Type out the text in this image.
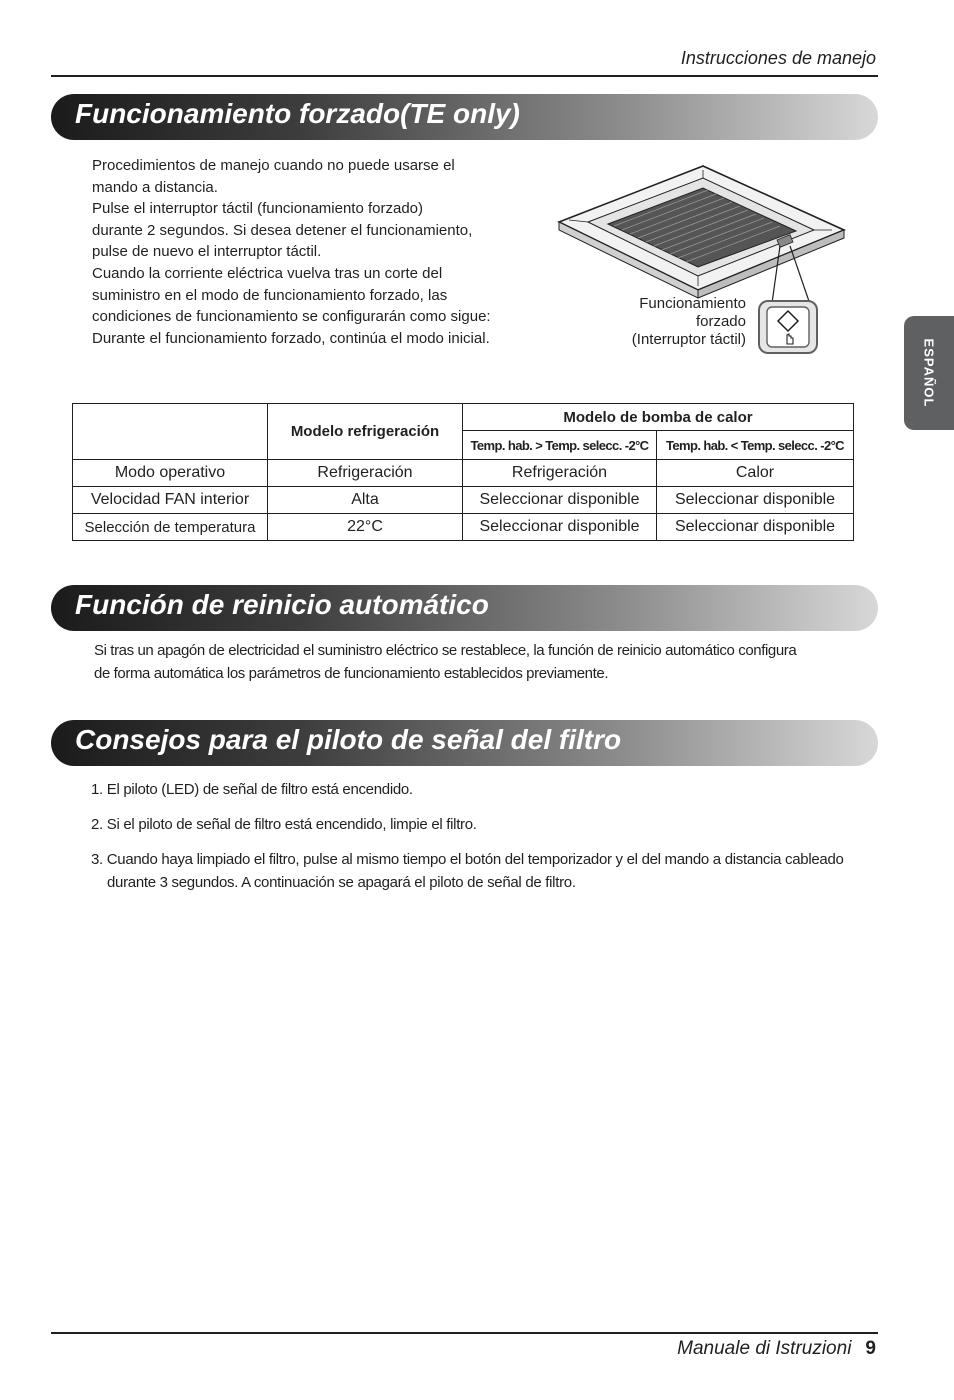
Instrucciones de manejo
ESPAÑOL
Funcionamiento forzado(TE only)

Procedimientos de manejo cuando no puede usarse el

mando a distancia.

Pulse el interruptor táctil (funcionamiento forzado)

durante 2 segundos. Si desea detener el funcionamiento,

pulse de nuevo el interruptor táctil.

Cuando la corriente eléctrica vuelva tras un corte del

suministro en el modo de funcionamiento forzado, las

condiciones de funcionamiento se configurarán como sigue:

Durante el funcionamiento forzado, continúa el modo inicial.

Funcionamiento
forzado
(Interruptor táctil)
	Modelo refrigeración	Modelo de bomba de calor	
		Temp. hab. > Temp. selecc. -2°C	Temp. hab. < Temp. selecc. -2°C
Modo operativo	Refrigeración	Refrigeración	Calor
Velocidad FAN interior	Alta	Seleccionar disponible	Seleccionar disponible
Selección de temperatura	22°C	Seleccionar disponible	Seleccionar disponible
Función de reinicio automático

Si tras un apagón de electricidad el suministro eléctrico se restablece, la función de reinicio automático configura

de forma automática los parámetros de funcionamiento establecidos previamente.

Consejos para el piloto de señal del filtro
1. El piloto (LED) de señal de filtro está encendido.
2. Si el piloto de señal de filtro está encendido, limpie el filtro.
3. Cuando haya limpiado el filtro, pulse al mismo tiempo el botón del temporizador y el del mando a distancia cableado
durante 3 segundos. A continuación se apagará el piloto de señal de filtro.
Manuale di Istruzioni 9
